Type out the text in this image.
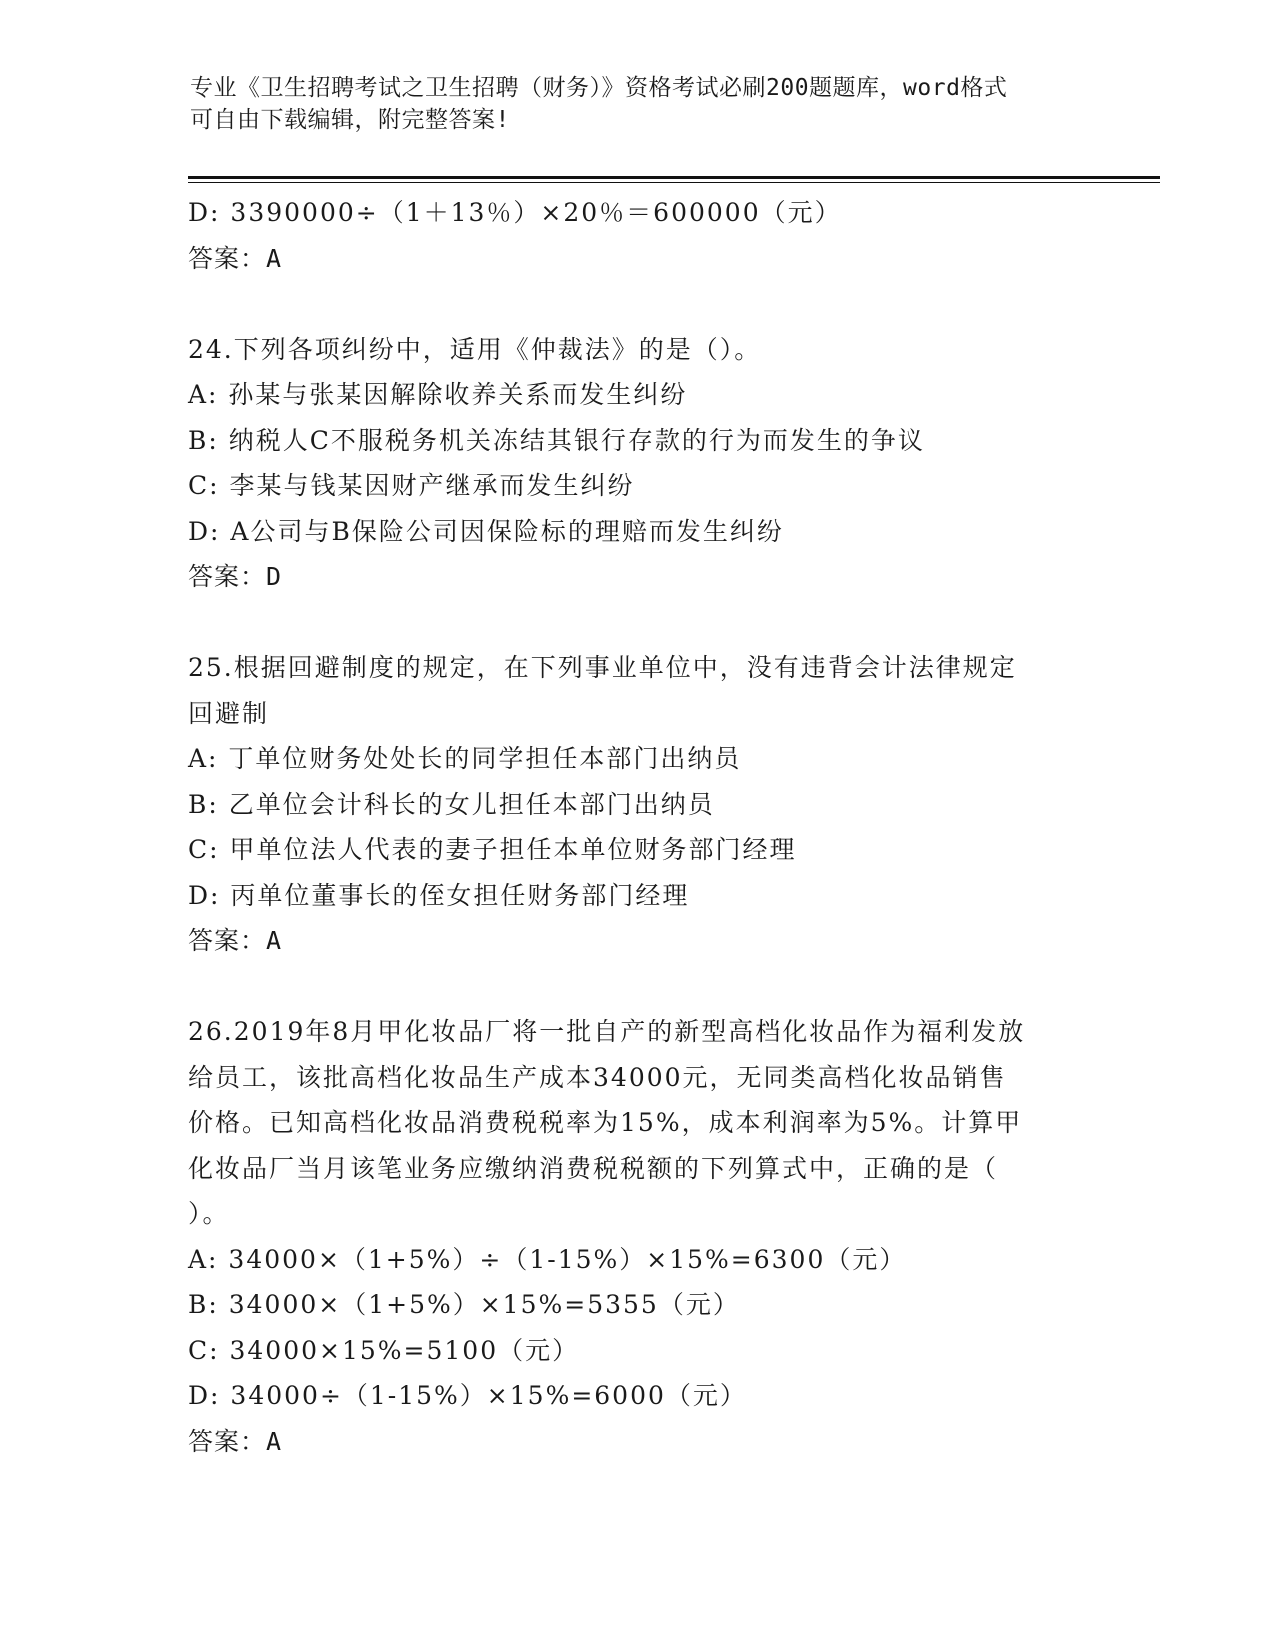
专业《卫生招聘考试之卫生招聘（财务）》资格考试必刷200题题库，word格式
可自由下载编辑，附完整答案!
D: 3390000÷（1＋13％）×20％＝600000（元）
答案：A
24.下列各项纠纷中，适用《仲裁法》的是（）。
A: 孙某与张某因解除收养关系而发生纠纷
B: 纳税人C不服税务机关冻结其银行存款的行为而发生的争议
C: 李某与钱某因财产继承而发生纠纷
D: A公司与B保险公司因保险标的理赔而发生纠纷
答案：D
25.根据回避制度的规定，在下列事业单位中，没有违背会计法律规定
回避制
A: 丁单位财务处处长的同学担任本部门出纳员
B: 乙单位会计科长的女儿担任本部门出纳员
C: 甲单位法人代表的妻子担任本单位财务部门经理
D: 丙单位董事长的侄女担任财务部门经理
答案：A
26.2019年8月甲化妆品厂将一批自产的新型高档化妆品作为福利发放
给员工，该批高档化妆品生产成本34000元，无同类高档化妆品销售
价格。已知高档化妆品消费税税率为15%，成本利润率为5%。计算甲
化妆品厂当月该笔业务应缴纳消费税税额的下列算式中，正确的是（
）。
A: 34000×（1+5%）÷（1-15%）×15%=6300（元）
B: 34000×（1+5%）×15%=5355（元）
C: 34000×15%=5100（元）
D: 34000÷（1-15%）×15%=6000（元）
答案：A
